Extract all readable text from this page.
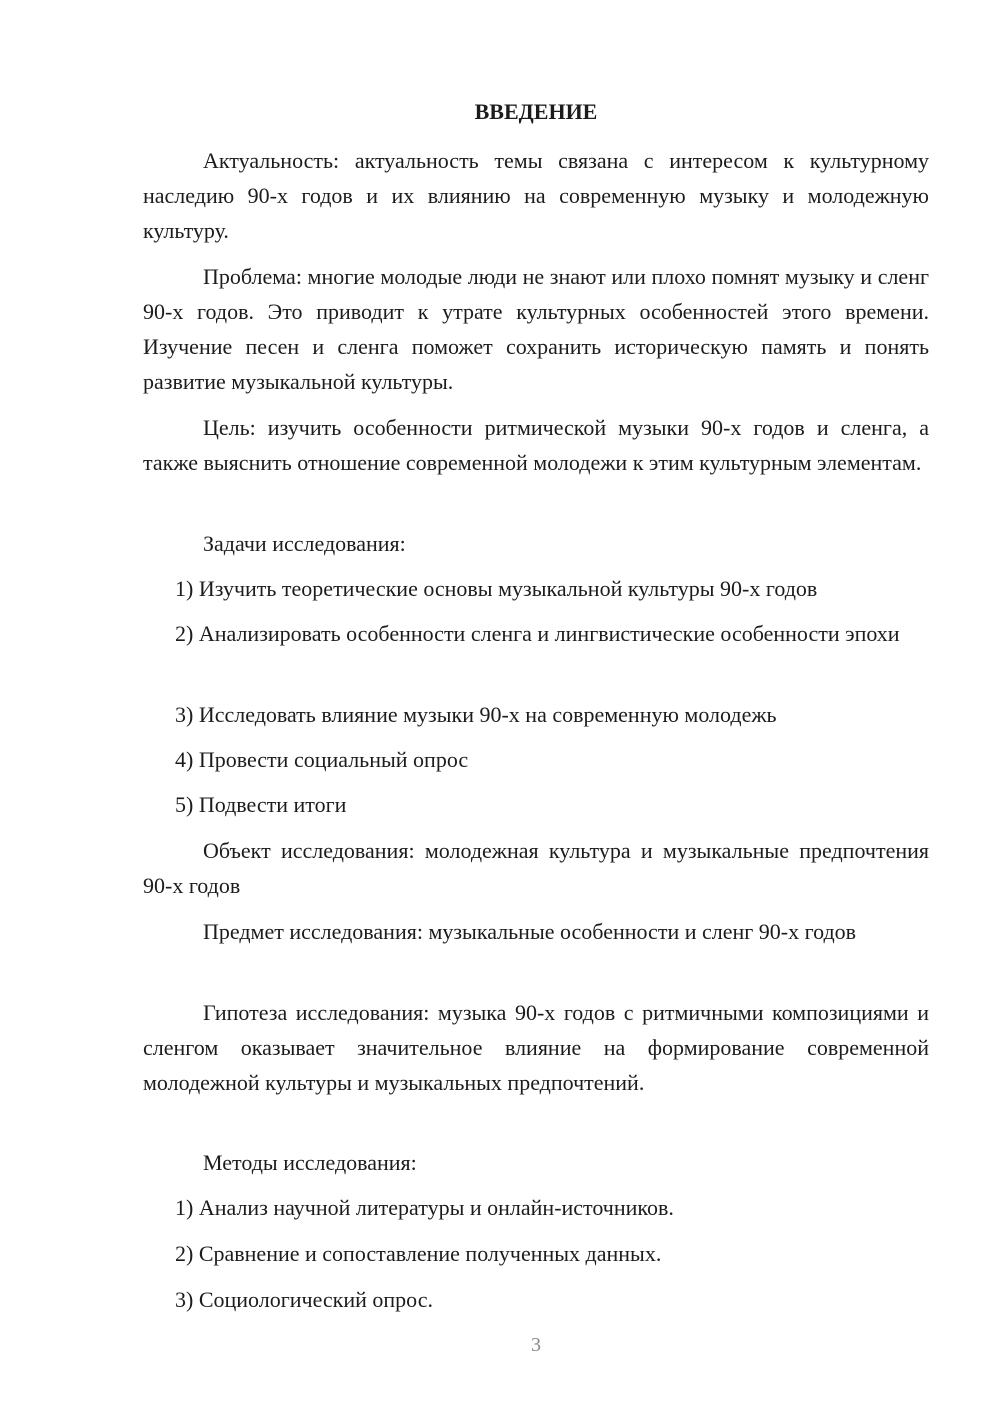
ВВЕДЕНИЕ

Актуальность: актуальность темы связана с интересом к культурному наследию 90-х годов и их влиянию на современную музыку и молодежную культуру.

Проблема: многие молодые люди не знают или плохо помнят музыку и сленг 90-х годов. Это приводит к утрате культурных особенностей этого времени. Изучение песен и сленга поможет сохранить историческую память и понять развитие музыкальной культуры.

Цель: изучить особенности ритмической музыки 90-х годов и сленга, а также выяснить отношение современной молодежи к этим культурным элементам.

Задачи исследования:

1) Изучить теоретические основы музыкальной культуры 90-х годов

2) Анализировать особенности сленга и лингвистические особенности эпохи

3) Исследовать влияние музыки 90-х на современную молодежь

4) Провести социальный опрос

5) Подвести итоги

Объект исследования: молодежная культура и музыкальные предпочтения 90-х годов

Предмет исследования: музыкальные особенности и сленг 90-х годов

Гипотеза исследования: музыка 90-х годов с ритмичными композициями и сленгом оказывает значительное влияние на формирование современной молодежной культуры и музыкальных предпочтений.

Методы исследования:

1) Анализ научной литературы и онлайн-источников.

2) Сравнение и сопоставление полученных данных.

3) Социологический опрос.

3
